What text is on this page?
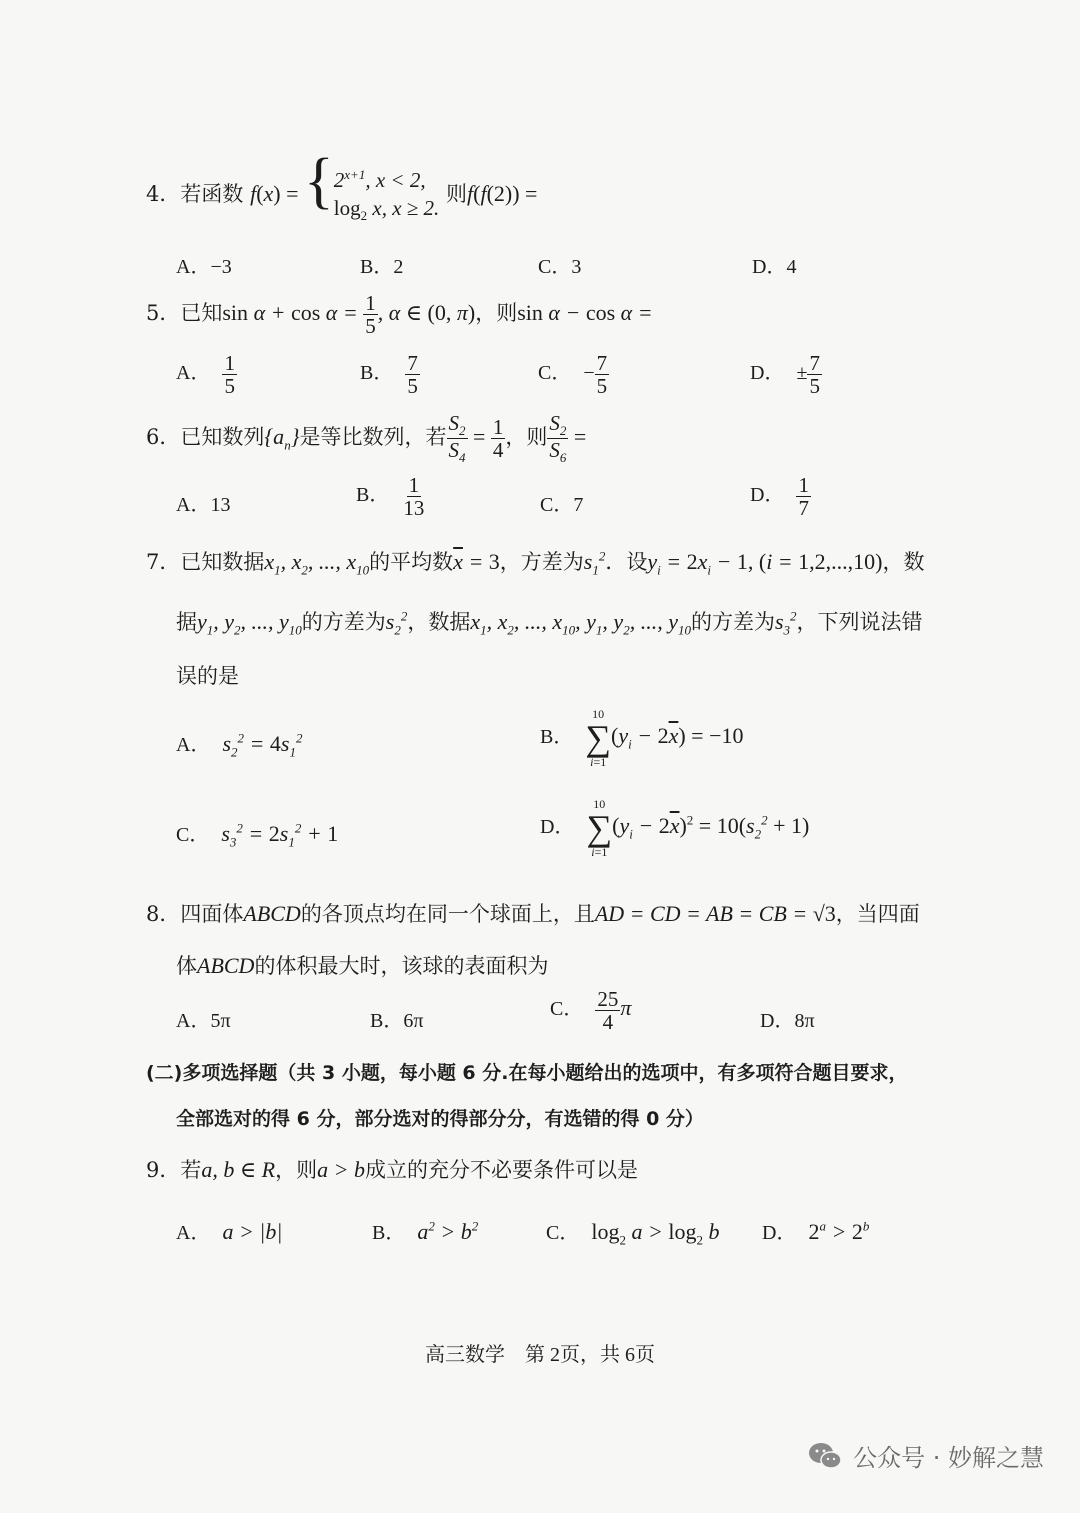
4．若函数 f(x) = { $2^{x+1}$, x < 2,
$\log_2 x$, x ≥ 2.
则f(f(2)) =
A．−3	B．2	C．3	D．4
5．已知$\sin \alpha + \cos \alpha = \frac{1}{5}$ , α ∈ (0, π)，则sin α − cos α =
A． $\frac{1}{5}$	B． $\frac{7}{5}$	C． − $\frac{7}{5}$	D． ± $\frac{7}{5}$
6．已知数列$\{a_n\}$是等比数列，若 $\frac{S_2}{S_4} = \frac{1}{4}$ ，则 $\frac{S_2}{S_6}$ =
A．13	B． $\frac{1}{13}$	C．7	D． $\frac{1}{7}$
7．已知数据$x_1$, $x_2$, ..., $x_{10}$的平均数$\overline{x} = 3$，方差为$s_1^2$．设$y_i = 2x_i - 1$, (i = 1,2,...,10)，数
据$y_1$, $y_2$, ..., $y_{10}$的方差为$s_2^2$，数据$x_1$, $x_2$, ..., $x_{10}$, $y_1$, $y_2$, ..., $y_{10}$的方差为$s_3^2$，下列说法错
误的是
A． $s_2^2 = 4s_1^2$	B．
10
∑
i=1
$(y_i - 2\overline{x}) = -10$
C． $s_3^2 = 2s_1^2 + 1$	D．
10
∑
i=1
$(y_i - 2\overline{x})^2 = 10(s_2^2 + 1)$
8．四面体ABCD的各顶点均在同一个球面上，且AD = CD = AB = CB = √3，当四面
体ABCD的体积最大时，该球的表面积为
A．5π	B．6π
C． $\frac{25}{4}$ π
D．8π
(二)多项选择题（共 3 小题，每小题 6 分.在每小题给出的选项中，有多项符合题目要求，
全部选对的得 6 分，部分选对的得部分分，有选错的得 0 分）
9．若a, b ∈ R，则a > b成立的充分不必要条件可以是
A． a > |b|	B． $a^2 > b^2$	C． $\log_2 a > \log_2 b$ D． $2^a > 2^b$
高三数学　第 2页，共 6页
公众号 · 妙解之慧
